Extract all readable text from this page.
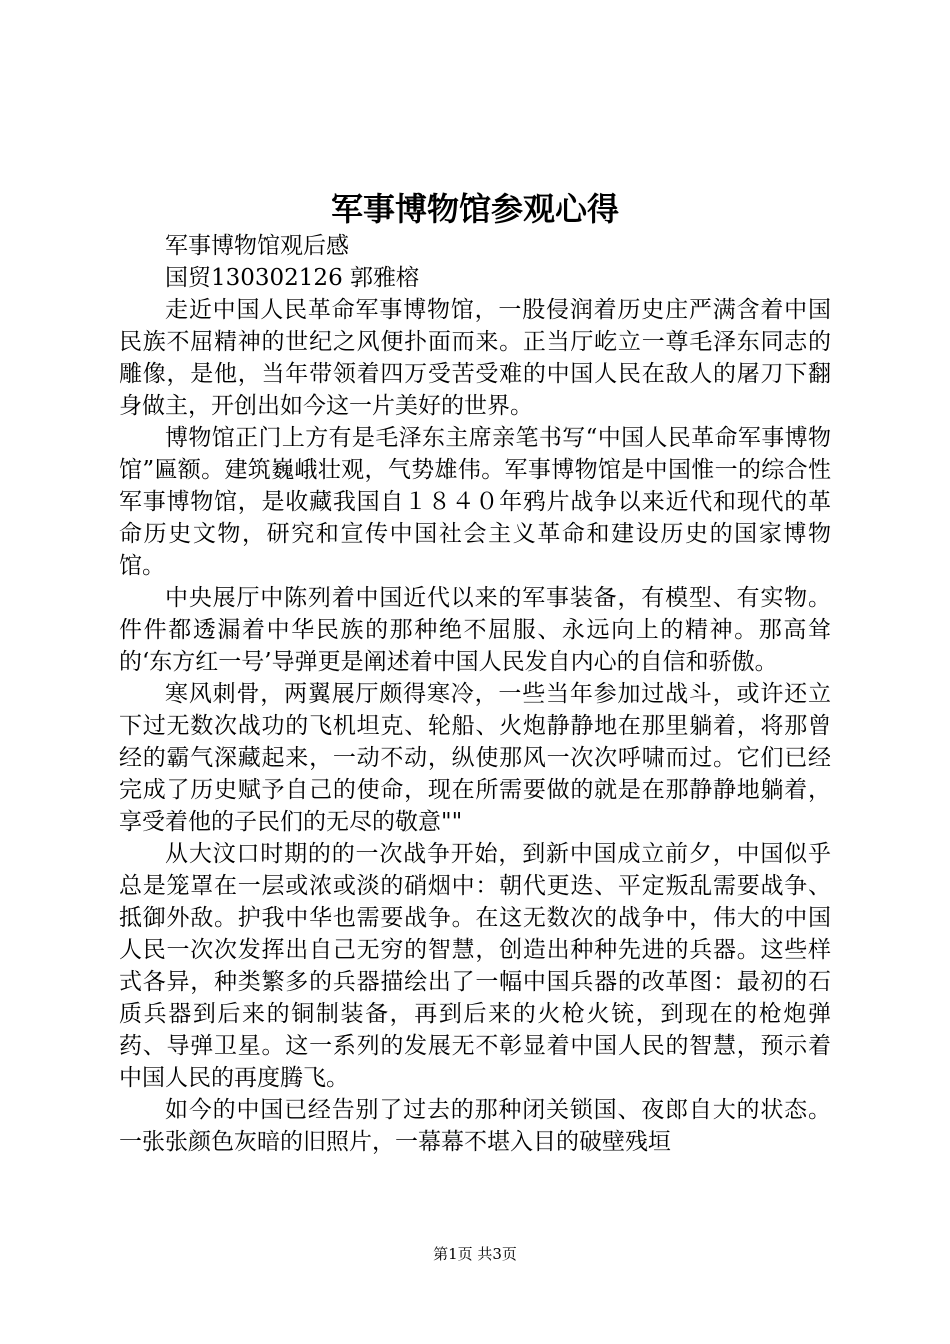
军事博物馆参观心得

军事博物馆观后感

国贸130302126 郭雅榕

走近中国人民革命军事博物馆，一股侵润着历史庄严满含着中国民族不屈精神的世纪之风便扑面而来。正当厅屹立一尊毛泽东同志的雕像，是他，当年带领着四万受苦受难的中国人民在敌人的屠刀下翻身做主，开创出如今这一片美好的世界。

博物馆正门上方有是毛泽东主席亲笔书写“中国人民革命军事博物馆”匾额。建筑巍峨壮观，气势雄伟。军事博物馆是中国惟一的综合性军事博物馆，是收藏我国自１８４０年鸦片战争以来近代和现代的革命历史文物，研究和宣传中国社会主义革命和建设历史的国家博物馆。

中央展厅中陈列着中国近代以来的军事装备，有模型、有实物。件件都透漏着中华民族的那种绝不屈服、永远向上的精神。那高耸的‘东方红一号’导弹更是阐述着中国人民发自内心的自信和骄傲。

寒风刺骨，两翼展厅颇得寒冷，一些当年参加过战斗，或许还立下过无数次战功的飞机坦克、轮船、火炮静静地在那里躺着，将那曾经的霸气深藏起来，一动不动，纵使那风一次次呼啸而过。它们已经完成了历史赋予自己的使命，现在所需要做的就是在那静静地躺着，享受着他的子民们的无尽的敬意""

从大汶口时期的的一次战争开始，到新中国成立前夕，中国似乎总是笼罩在一层或浓或淡的硝烟中：朝代更迭、平定叛乱需要战争、抵御外敌。护我中华也需要战争。在这无数次的战争中，伟大的中国人民一次次发挥出自己无穷的智慧，创造出种种先进的兵器。这些样式各异，种类繁多的兵器描绘出了一幅中国兵器的改革图：最初的石质兵器到后来的铜制装备，再到后来的火枪火铳，到现在的枪炮弹药、导弹卫星。这一系列的发展无不彰显着中国人民的智慧，预示着中国人民的再度腾飞。

如今的中国已经告别了过去的那种闭关锁国、夜郎自大的状态。一张张颜色灰暗的旧照片，一幕幕不堪入目的破壁残垣

第1页 共3页
